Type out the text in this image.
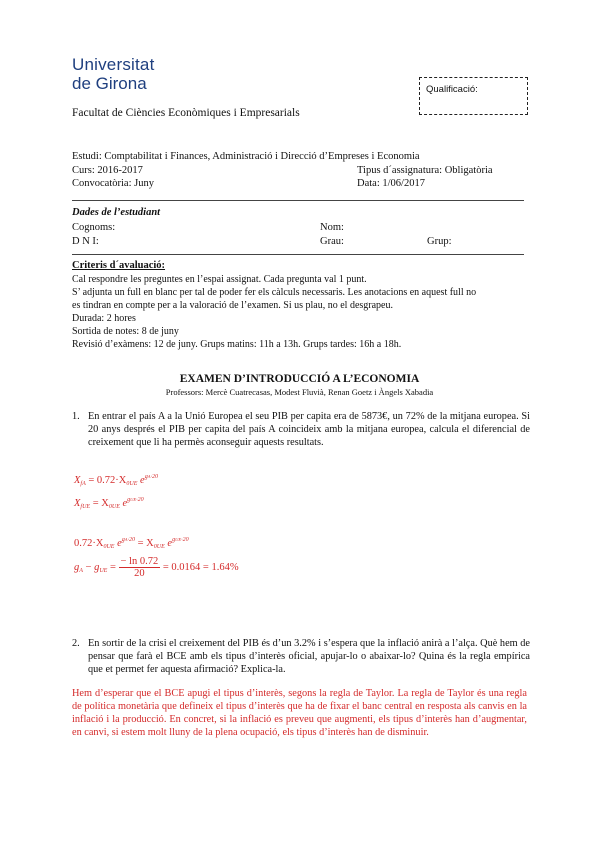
Universitat
de Girona
Facultat de Ciències Econòmiques i Empresarials
Qualificació:
Estudi: Comptabilitat i Finances, Administració i Direcció d’Empreses i Economia
Curs: 2016-2017	Tipus d´assignatura: Obligatòria
Convocatòria: Juny	Data: 1/06/2017
Dades de l’estudiant
Cognoms:	Nom:
D N I:	Grau:	Grup:
Criteris d´avaluació:
Cal respondre les preguntes en l’espai assignat. Cada pregunta val 1 punt.
S’ adjunta un full en blanc per tal de poder fer els càlculs necessaris. Les anotacions en aquest full no
es tindran en compte per a la valoració de l’examen. Si us plau, no el desgrapeu.
Durada: 2 hores
Sortida de notes: 8 de juny
Revisió d’exàmens: 12 de juny. Grups matins: 11h a 13h. Grups tardes: 16h a 18h.
EXAMEN D’INTRODUCCIÓ A L’ECONOMIA
Professors: Mercè Cuatrecasas, Modest Fluvià, Renan Goetz i Àngels Xabadia
1. En entrar el país A a la Unió Europea el seu PIB per capita era de 5873€, un 72% de la mitjana europea. Si 20 anys després el PIB per capita del país A coincideix amb la mitjana europea, calcula el diferencial de creixement que li ha permès aconseguir aquests resultats.
$X_{fA} = 0.72\cdot X_{0UE}$ $e^{gA\cdot 20}$
$X_{fUE} = X_{0UE}$ $e^{gUE\cdot 20}$
$0.72\cdot X_{0UE}$ $e^{gA\cdot 20} = X_{0UE}$ $e^{gUE\cdot 20}$
$g_A - g_{UE} = \frac{- \ln 0.72}{20} = 0.0164 = 1.64\%$
2. En sortir de la crisi el creixement del PIB és d’un 3.2% i s’espera que la inflació anirà a l’alça. Què hem de pensar que farà el BCE amb els tipus d’interès oficial, apujar-lo o abaixar-lo? Quina és la regla empírica que et permet fer aquesta afirmació? Explica-la.
Hem d’esperar que el BCE apugi el tipus d’interès, segons la regla de Taylor. La regla de Taylor és una regla de política monetària que defineix el tipus d’interès que ha de fixar el banc central en resposta als canvis en la inflació i la producció. En concret, si la inflació es preveu que augmenti, els tipus d’interès han d’augmentar, en canvi, si estem molt lluny de la plena ocupació, els tipus d’interès han de disminuir.
